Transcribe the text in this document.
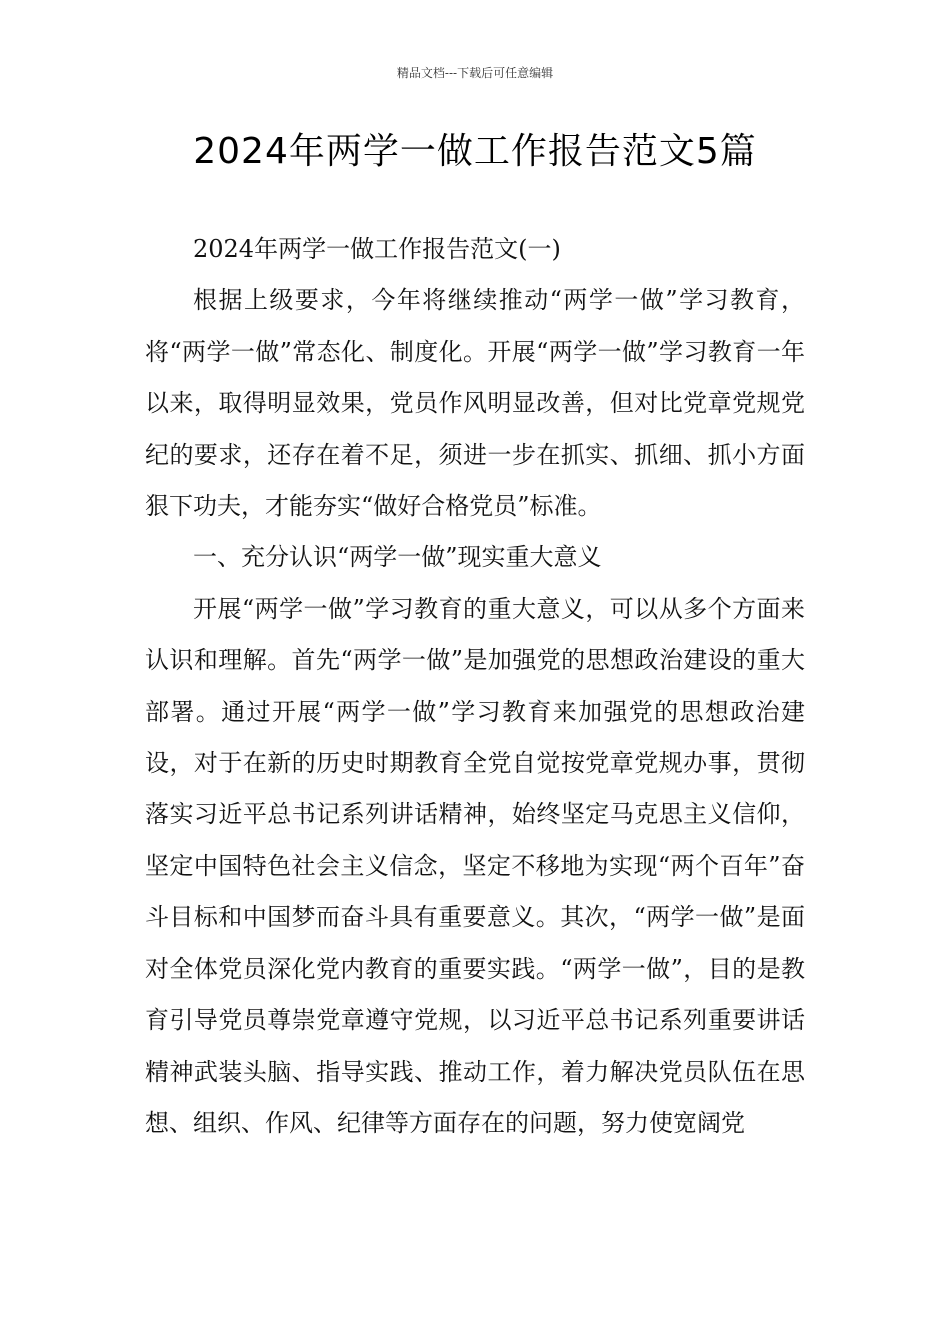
精品文档---下载后可任意编辑
2024年两学一做工作报告范文5篇

2024年两学一做工作报告范文(一)

根据上级要求，今年将继续推动“两学一做”学习教育，将“两学一做”常态化、制度化。开展“两学一做”学习教育一年以来，取得明显效果，党员作风明显改善，但对比党章党规党纪的要求，还存在着不足，须进一步在抓实、抓细、抓小方面狠下功夫，才能夯实“做好合格党员”标准。

一、充分认识“两学一做”现实重大意义

开展“两学一做”学习教育的重大意义，可以从多个方面来认识和理解。首先“两学一做”是加强党的思想政治建设的重大部署。通过开展“两学一做”学习教育来加强党的思想政治建设，对于在新的历史时期教育全党自觉按党章党规办事，贯彻落实习近平总书记系列讲话精神，始终坚定马克思主义信仰，坚定中国特色社会主义信念，坚定不移地为实现“两个百年”奋斗目标和中国梦而奋斗具有重要意义。其次，“两学一做”是面对全体党员深化党内教育的重要实践。“两学一做”，目的是教育引导党员尊崇党章遵守党规，以习近平总书记系列重要讲话精神武装头脑、指导实践、推动工作，着力解决党员队伍在思想、组织、作风、纪律等方面存在的问题，努力使宽阔党
